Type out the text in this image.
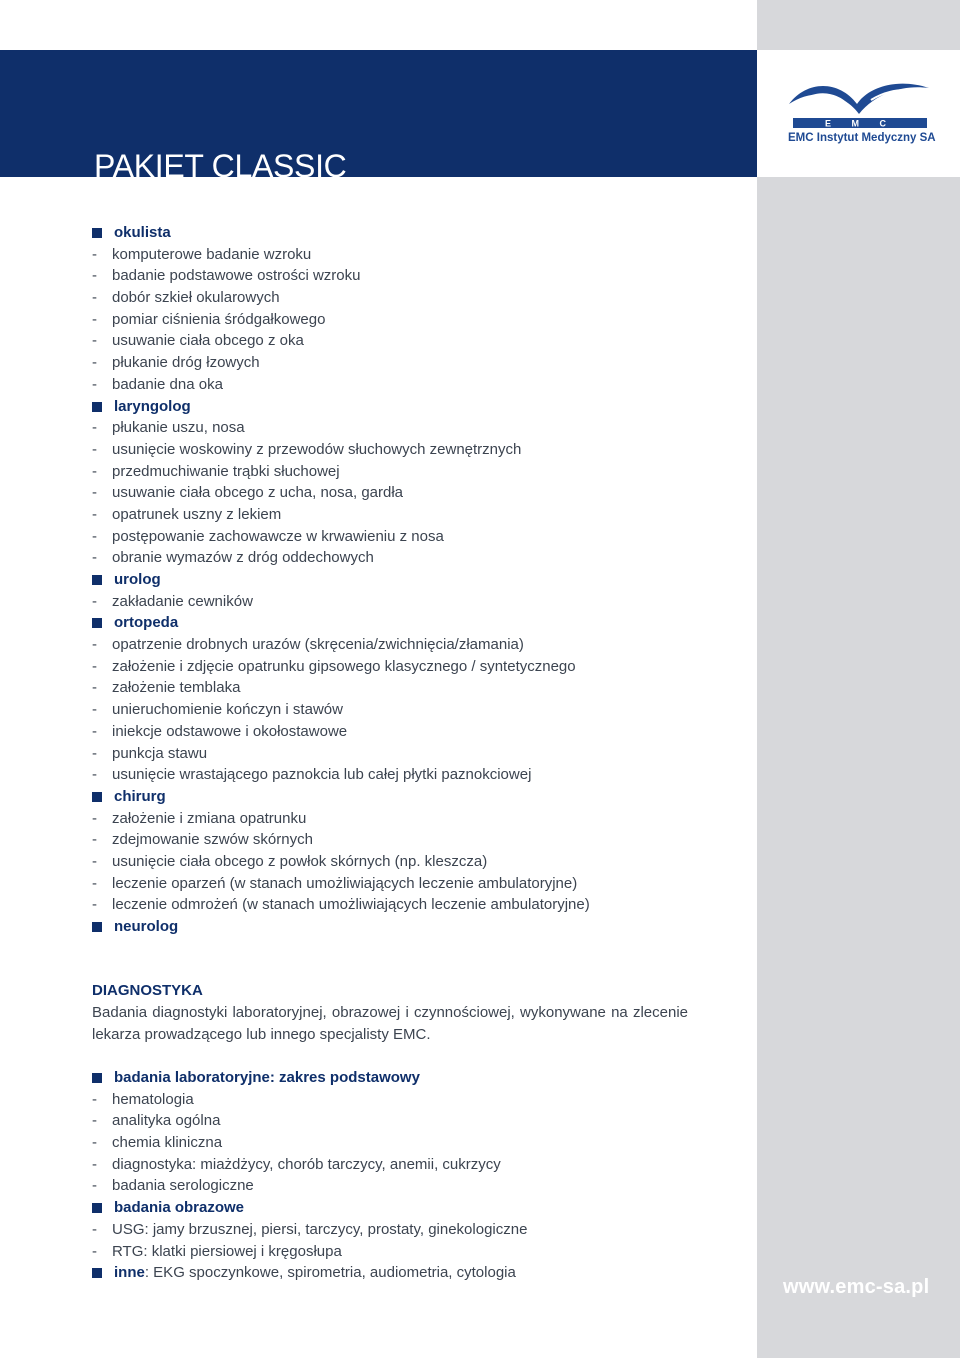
PAKIET CLASSIC
E M C
EMC Instytut Medyczny SA
okulista
- komputerowe badanie wzroku
- badanie podstawowe ostrości wzroku
- dobór szkieł okularowych
- pomiar ciśnienia śródgałkowego
- usuwanie ciała obcego z oka
- płukanie dróg łzowych
- badanie dna oka
laryngolog
- płukanie uszu, nosa
- usunięcie woskowiny z przewodów słuchowych zewnętrznych
- przedmuchiwanie trąbki słuchowej
- usuwanie ciała obcego z ucha, nosa, gardła
- opatrunek uszny z lekiem
- postępowanie zachowawcze w krwawieniu z nosa
- obranie wymazów z dróg oddechowych
urolog
- zakładanie cewników
ortopeda
- opatrzenie drobnych urazów (skręcenia/zwichnięcia/złamania)
- założenie i zdjęcie opatrunku gipsowego klasycznego / syntetycznego
- założenie temblaka
- unieruchomienie kończyn i stawów
- iniekcje odstawowe i okołostawowe
- punkcja stawu
- usunięcie wrastającego paznokcia lub całej płytki paznokciowej
chirurg
- założenie i zmiana opatrunku
- zdejmowanie szwów skórnych
- usunięcie ciała obcego z powłok skórnych (np. kleszcza)
- leczenie oparzeń (w stanach umożliwiających leczenie ambulatoryjne)
- leczenie odmrożeń (w stanach umożliwiających leczenie ambulatoryjne)
neurolog
DIAGNOSTYKA
Badania diagnostyki laboratoryjnej, obrazowej i czynnościowej, wykonywane na zlecenie lekarza prowadzącego lub innego specjalisty EMC.
badania laboratoryjne: zakres podstawowy
- hematologia
- analityka ogólna
- chemia kliniczna
- diagnostyka: miażdżycy, chorób tarczycy, anemii, cukrzycy
- badania serologiczne
badania obrazowe
- USG: jamy brzusznej, piersi, tarczycy, prostaty, ginekologiczne
- RTG: klatki piersiowej i kręgosłupa
inne: EKG spoczynkowe, spirometria, audiometria, cytologia
www.emc-sa.pl
